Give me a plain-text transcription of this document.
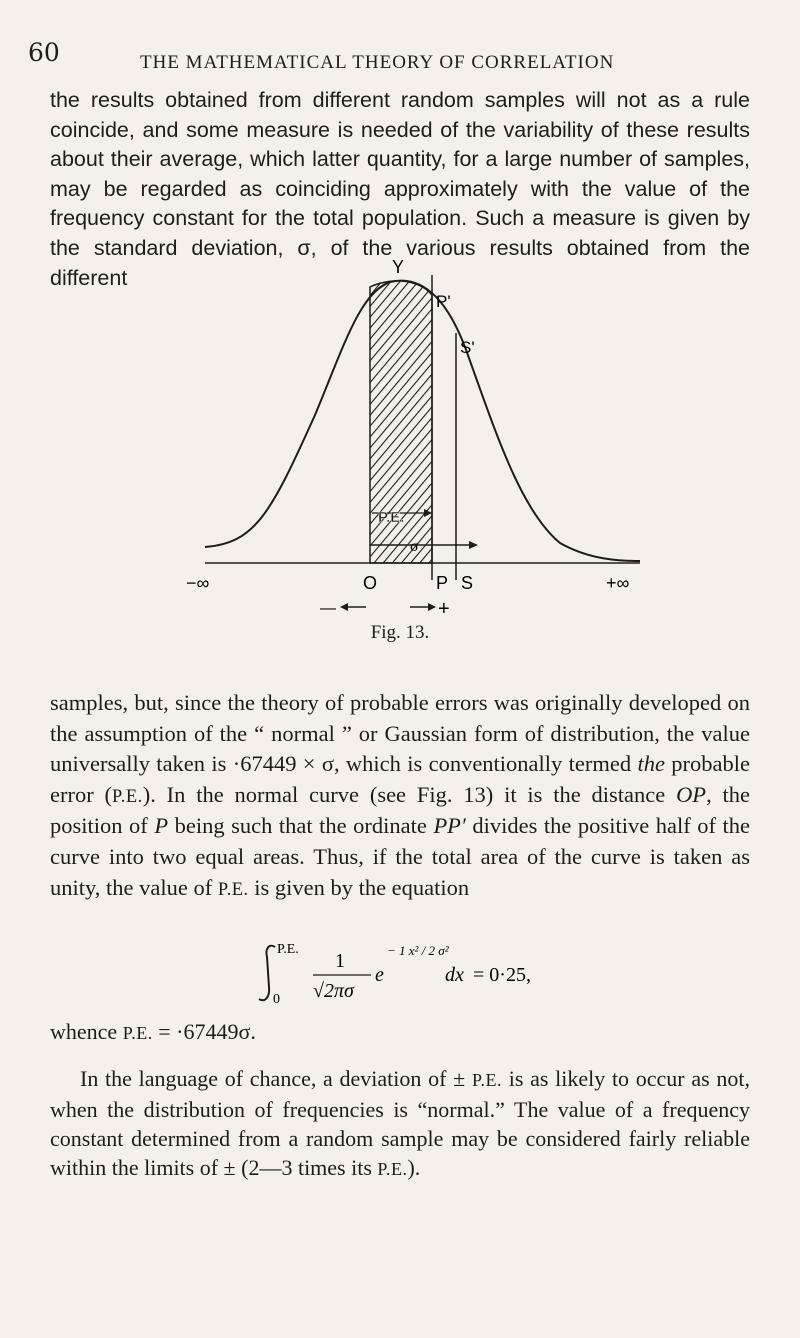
60	THE MATHEMATICAL THEORY OF CORRELATION
the results obtained from different random samples will not as a rule coincide, and some measure is needed of the variability of these results about their average, which latter quantity, for a large number of samples, may be regarded as coinciding approximately with the value of the frequency constant for the total population. Such a measure is given by the standard deviation, σ, of the various results obtained from the different	Y
P'
S'
P.E.
σ
−∞	O	P S	+∞
—	+
Fig. 13.
samples, but, since the theory of probable errors was originally developed on the assumption of the “ normal ” or Gaussian form of distribution, the value universally taken is ·67449 × σ, which is conventionally termed the probable error (P.E.). In the normal curve (see Fig. 13) it is the distance OP, the position of P being such that the ordinate PP′ divides the positive half of the curve into two equal areas. Thus, if the total area of the curve is taken as unity, the value of P.E. is given by the equation
P.E.
0
1
√2πσ
e
− 1 x² / 2 σ²
dx = 0·25,
whence P.E. = ·67449σ.
In the language of chance, a deviation of ± P.E. is as likely to occur as not, when the distribution of frequencies is “normal.” The value of a frequency constant determined from a random sample may be considered fairly reliable within the limits of ± (2—3 times its P.E.).
